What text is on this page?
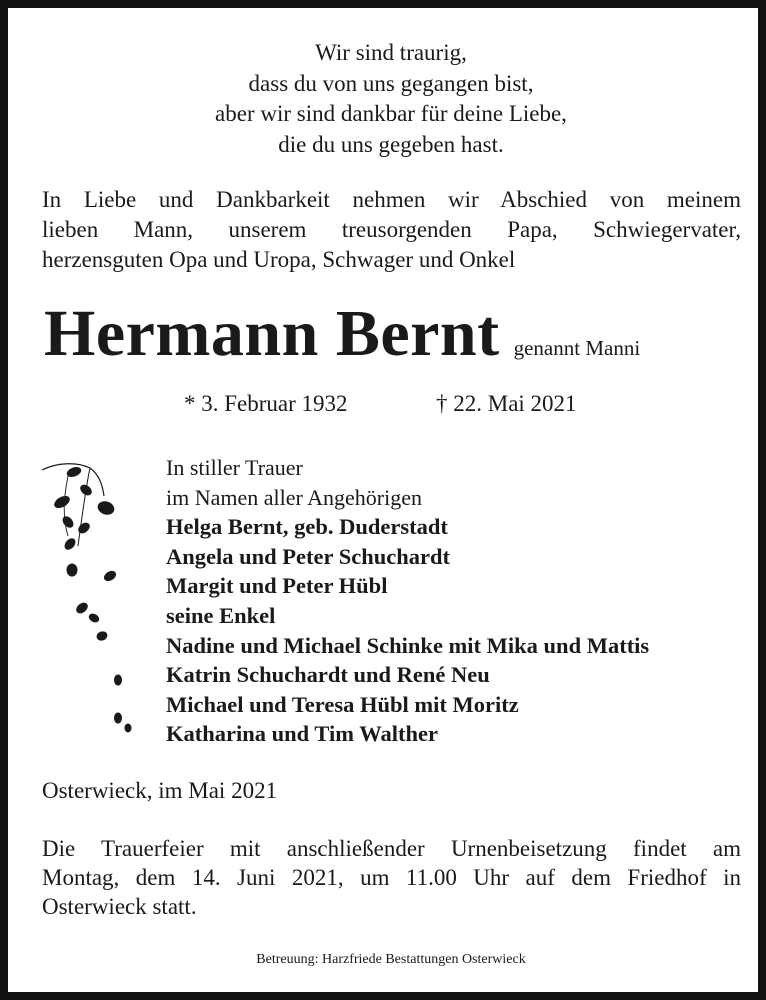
Wir sind traurig,
dass du von uns gegangen bist,
aber wir sind dankbar für deine Liebe,
die du uns gegeben hast.
In Liebe und Dankbarkeit nehmen wir Abschied von meinem
lieben Mann, unserem treusorgenden Papa, Schwiegervater,
herzensguten Opa und Uropa, Schwager und Onkel
Hermann Bernt genannt Manni
* 3. Februar 1932	† 22. Mai 2021
In stiller Trauer
im Namen aller Angehörigen
Helga Bernt, geb. Duderstadt
Angela und Peter Schuchardt
Margit und Peter Hübl
seine Enkel
Nadine und Michael Schinke mit Mika und Mattis
Katrin Schuchardt und René Neu
Michael und Teresa Hübl mit Moritz
Katharina und Tim Walther
Osterwieck, im Mai 2021
Die Trauerfeier mit anschließender Urnenbeisetzung findet am
Montag, dem 14. Juni 2021, um 11.00 Uhr auf dem Friedhof in
Osterwieck statt.
Betreuung: Harzfriede Bestattungen Osterwieck
